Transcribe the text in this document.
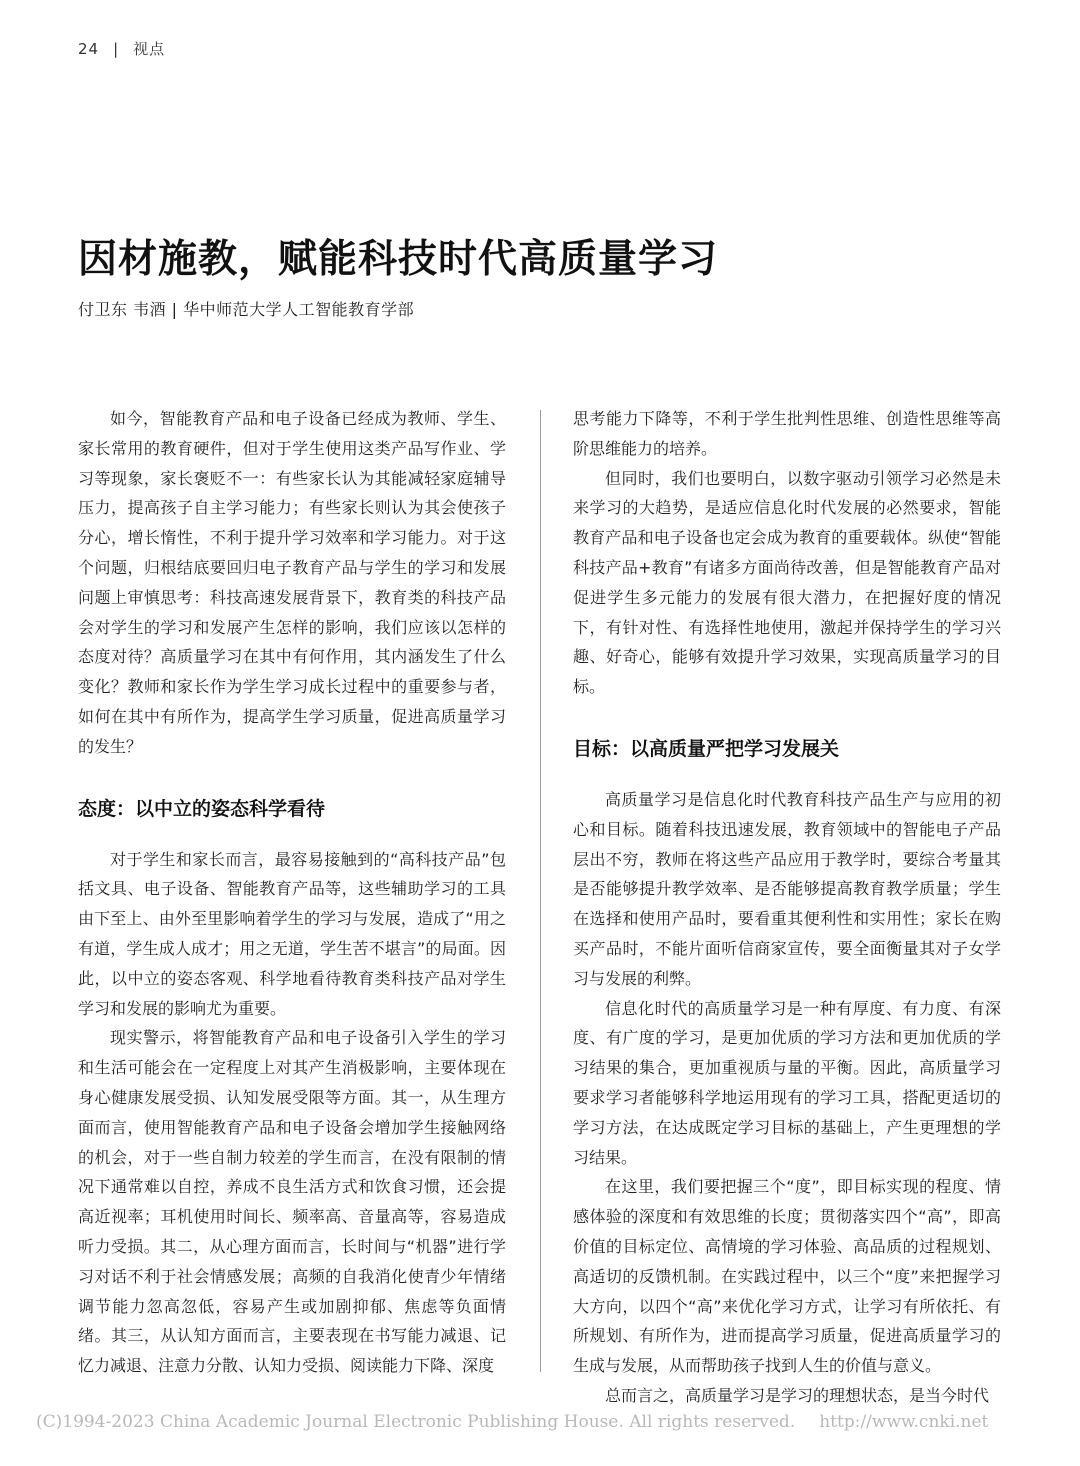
24 | 视点
因材施教，赋能科技时代高质量学习
付卫东 韦酒 | 华中师范大学人工智能教育学部

如今，智能教育产品和电子设备已经成为教师、学生、家长常用的教育硬件，但对于学生使用这类产品写作业、学习等现象，家长褒贬不一：有些家长认为其能减轻家庭辅导压力，提高孩子自主学习能力；有些家长则认为其会使孩子分心，增长惰性，不利于提升学习效率和学习能力。对于这个问题，归根结底要回归电子教育产品与学生的学习和发展问题上审慎思考：科技高速发展背景下，教育类的科技产品会对学生的学习和发展产生怎样的影响，我们应该以怎样的态度对待？高质量学习在其中有何作用，其内涵发生了什么变化？教师和家长作为学生学习成长过程中的重要参与者，如何在其中有所作为，提高学生学习质量，促进高质量学习的发生？

态度：以中立的姿态科学看待

对于学生和家长而言，最容易接触到的“高科技产品”包括文具、电子设备、智能教育产品等，这些辅助学习的工具由下至上、由外至里影响着学生的学习与发展，造成了“用之有道，学生成人成才；用之无道，学生苦不堪言”的局面。因此，以中立的姿态客观、科学地看待教育类科技产品对学生学习和发展的影响尤为重要。

现实警示，将智能教育产品和电子设备引入学生的学习和生活可能会在一定程度上对其产生消极影响，主要体现在身心健康发展受损、认知发展受限等方面。其一，从生理方面而言，使用智能教育产品和电子设备会增加学生接触网络的机会，对于一些自制力较差的学生而言，在没有限制的情况下通常难以自控，养成不良生活方式和饮食习惯，还会提高近视率；耳机使用时间长、频率高、音量高等，容易造成听力受损。其二，从心理方面而言，长时间与“机器”进行学习对话不利于社会情感发展；高频的自我消化使青少年情绪调节能力忽高忽低，容易产生或加剧抑郁、焦虑等负面情绪。其三，从认知方面而言，主要表现在书写能力减退、记忆力减退、注意力分散、认知力受损、阅读能力下降、深度

思考能力下降等，不利于学生批判性思维、创造性思维等高阶思维能力的培养。

但同时，我们也要明白，以数字驱动引领学习必然是未来学习的大趋势，是适应信息化时代发展的必然要求，智能教育产品和电子设备也定会成为教育的重要载体。纵使“智能科技产品+教育”有诸多方面尚待改善，但是智能教育产品对促进学生多元能力的发展有很大潜力，在把握好度的情况下，有针对性、有选择性地使用，激起并保持学生的学习兴趣、好奇心，能够有效提升学习效果，实现高质量学习的目标。

目标：以高质量严把学习发展关

高质量学习是信息化时代教育科技产品生产与应用的初心和目标。随着科技迅速发展，教育领域中的智能电子产品层出不穷，教师在将这些产品应用于教学时，要综合考量其是否能够提升教学效率、是否能够提高教育教学质量；学生在选择和使用产品时，要看重其便利性和实用性；家长在购买产品时，不能片面听信商家宣传，要全面衡量其对子女学习与发展的利弊。

信息化时代的高质量学习是一种有厚度、有力度、有深度、有广度的学习，是更加优质的学习方法和更加优质的学习结果的集合，更加重视质与量的平衡。因此，高质量学习要求学习者能够科学地运用现有的学习工具，搭配更适切的学习方法，在达成既定学习目标的基础上，产生更理想的学习结果。

在这里，我们要把握三个“度”，即目标实现的程度、情感体验的深度和有效思维的长度；贯彻落实四个“高”，即高价值的目标定位、高情境的学习体验、高品质的过程规划、高适切的反馈机制。在实践过程中，以三个“度”来把握学习大方向，以四个“高”来优化学习方式，让学习有所依托、有所规划、有所作为，进而提高学习质量，促进高质量学习的生成与发展，从而帮助孩子找到人生的价值与意义。

总而言之，高质量学习是学习的理想状态，是当今时代

(C)1994-2023 China Academic Journal Electronic Publishing House. All rights reserved. http://www.cnki.net
